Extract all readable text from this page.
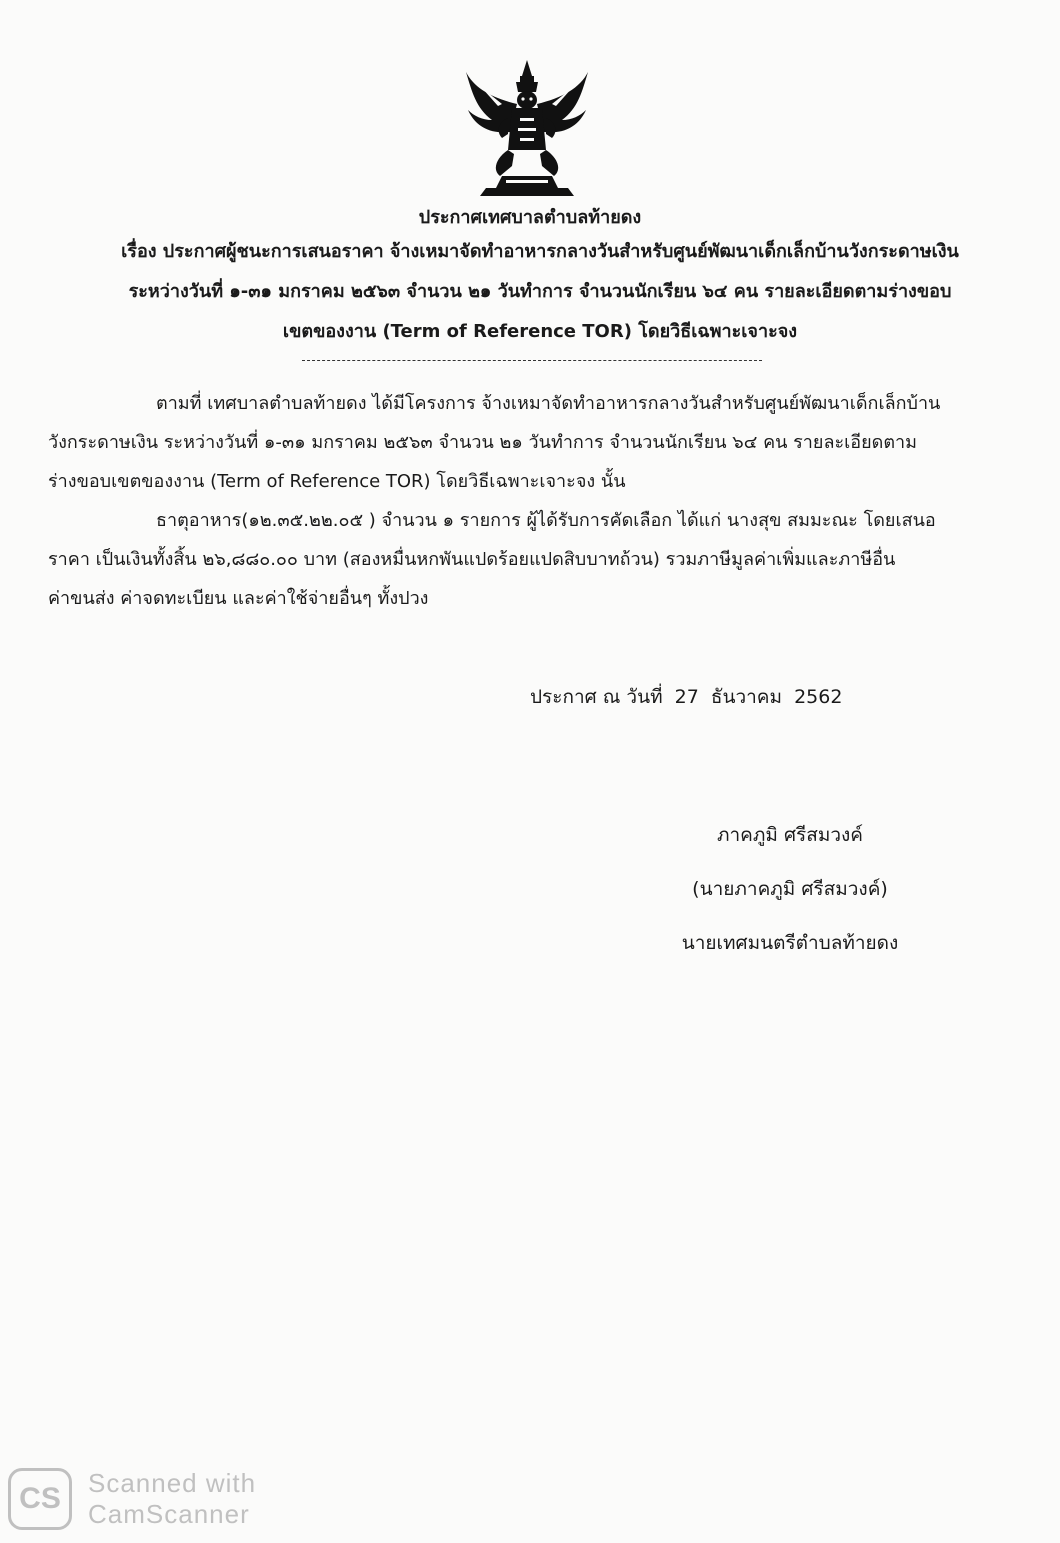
ประกาศเทศบาลตำบลท้ายดง
เรื่อง ประกาศผู้ชนะการเสนอราคา จ้างเหมาจัดทำอาหารกลางวันสำหรับศูนย์พัฒนาเด็กเล็กบ้านวังกระดาษเงิน
ระหว่างวันที่ ๑-๓๑ มกราคม ๒๕๖๓ จำนวน ๒๑ วันทำการ จำนวนนักเรียน ๖๔ คน รายละเอียดตามร่างขอบ
เขตของงาน (Term of Reference TOR) โดยวิธีเฉพาะเจาะจง
ตามที่ เทศบาลตำบลท้ายดง ได้มีโครงการ จ้างเหมาจัดทำอาหารกลางวันสำหรับศูนย์พัฒนาเด็กเล็กบ้าน
วังกระดาษเงิน ระหว่างวันที่ ๑-๓๑ มกราคม ๒๕๖๓ จำนวน ๒๑ วันทำการ จำนวนนักเรียน ๖๔ คน รายละเอียดตาม
ร่างขอบเขตของงาน (Term of Reference TOR) โดยวิธีเฉพาะเจาะจง นั้น
ธาตุอาหาร(๑๒.๓๕.๒๒.๐๕ ) จำนวน ๑ รายการ ผู้ได้รับการคัดเลือก ได้แก่ นางสุข สมมะณะ โดยเสนอ
ราคา เป็นเงินทั้งสิ้น ๒๖,๘๘๐.๐๐ บาท (สองหมื่นหกพันแปดร้อยแปดสิบบาทถ้วน) รวมภาษีมูลค่าเพิ่มและภาษีอื่น
ค่าขนส่ง ค่าจดทะเบียน และค่าใช้จ่ายอื่นๆ ทั้งปวง
ประกาศ ณ วันที่ 27 ธันวาคม 2562
ภาคภูมิ ศรีสมวงค์
(นายภาคภูมิ ศรีสมวงค์)
นายเทศมนตรีตำบลท้ายดง
CS	Scanned with
CamScanner
